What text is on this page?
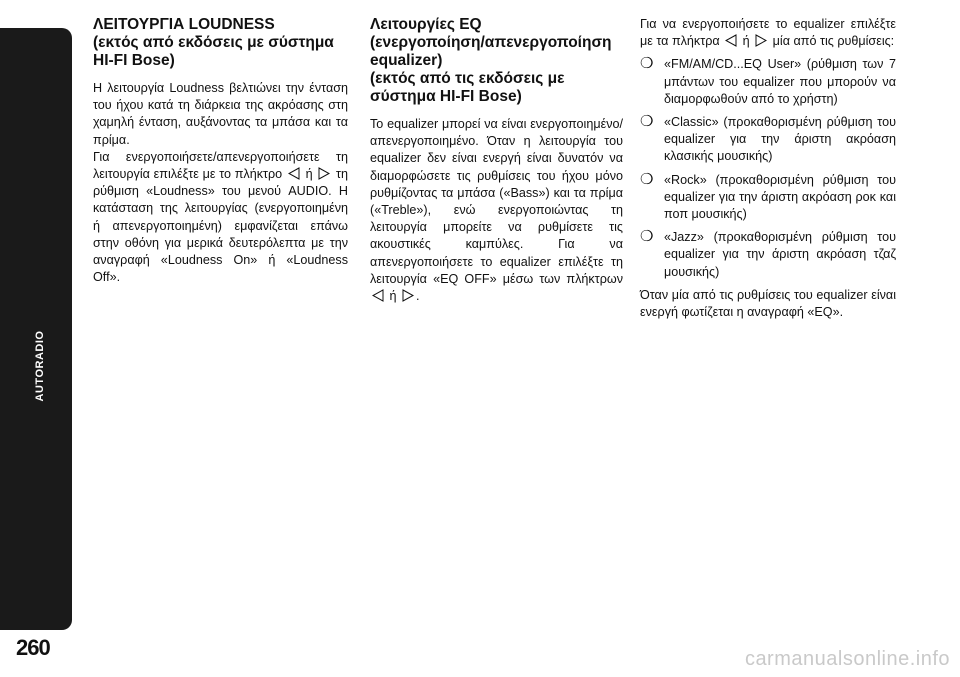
AUTORADIO
260
ΛΕΙΤΟΥΡΓΙΑ LOUDNESS
(εκτός από εκδόσεις με σύστημα HI-FI Bose)

Η λειτουργία Loudness βελτιώνει την ένταση του ήχου κατά τη διάρκεια της ακρόασης στη χαμηλή ένταση, αυξάνοντας τα μπάσα και τα πρίμα.

Για ενεργοποιήσετε/απενεργοποιήσετε τη λειτουργία επιλέξτε με το πλήκτρο ή τη ρύθμιση «Loudness» του μενού AUDIO. Η κατάσταση της λειτουργίας (ενεργοποιημένη ή απενεργοποιημένη) εμφανίζεται επάνω στην οθόνη για μερικά δευτερόλεπτα με την αναγραφή «Loudness On» ή «Loudness Off».

Λειτουργίες EQ
(ενεργοποίηση/απενεργοποίηση equalizer)
(εκτός από τις εκδόσεις με σύστημα HI-FI Bose)

Το equalizer μπορεί να είναι ενεργοποιημένο/απενεργοποιημένο. Όταν η λειτουργία του equalizer δεν είναι ενεργή είναι δυνατόν να διαμορφώσετε τις ρυθμίσεις του ήχου μόνο ρυθμίζοντας τα μπάσα («Bass») και τα πρίμα («Treble»), ενώ ενεργοποιώντας τη λειτουργία μπορείτε να ρυθμίσετε τις ακουστικές καμπύλες. Για να απενεργοποιήσετε το equalizer επιλέξτε τη λειτουργία «EQ OFF» μέσω των πλήκτρων  ή .

Για να ενεργοποιήσετε το equalizer επιλέξτε με τα πλήκτρα ή μία από τις ρυθμίσεις:

❍ «FM/AM/CD...EQ User» (ρύθμιση των 7 μπάντων του equalizer που μπορούν να διαμορφωθούν από το χρήστη)
❍ «Classic» (προκαθορισμένη ρύθμιση του equalizer για την άριστη ακρόαση κλασικής μουσικής)
❍ «Rock» (προκαθορισμένη ρύθμιση του equalizer για την άριστη ακρόαση ροκ και ποπ μουσικής)
❍ «Jazz» (προκαθορισμένη ρύθμιση του equalizer για την άριστη ακρόαση τζαζ μουσικής)

Όταν μία από τις ρυθμίσεις του equalizer είναι ενεργή φωτίζεται η αναγραφή «EQ».

carmanualsonline.info
